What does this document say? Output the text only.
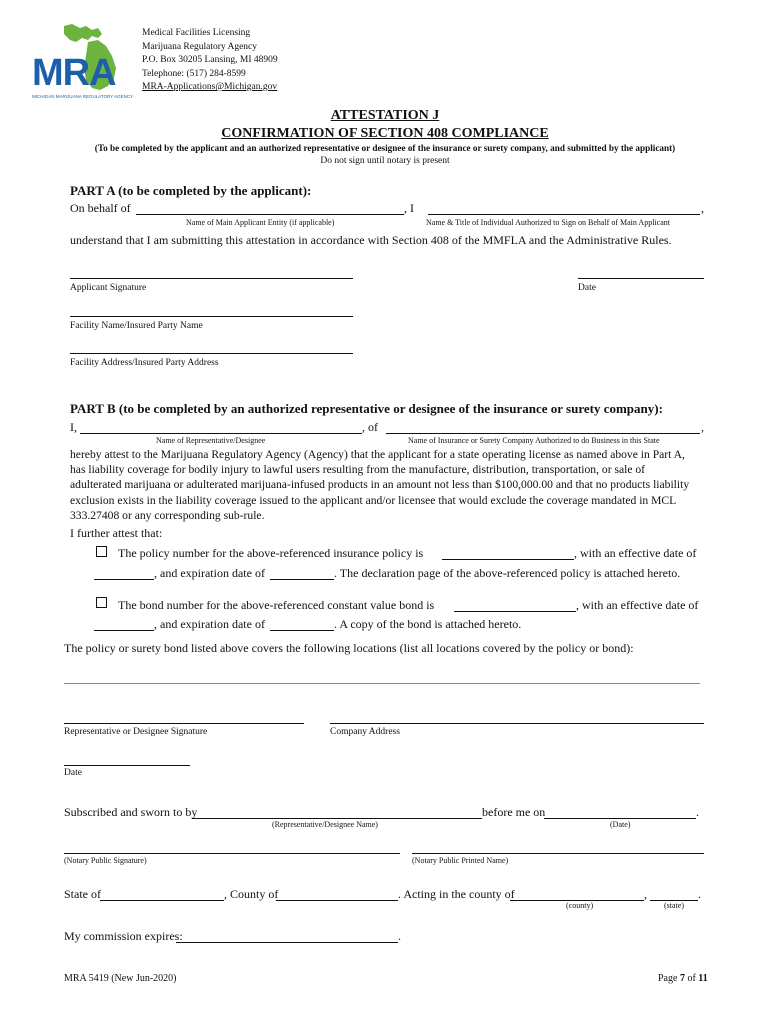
MRA
MICHIGAN MARIJUANA REGULATORY AGENCY
Medical Facilities Licensing
Marijuana Regulatory Agency
P.O. Box 30205 Lansing, MI 48909
Telephone: (517) 284-8599
MRA-Applications@Michigan.gov
ATTESTATION J
CONFIRMATION OF SECTION 408 COMPLIANCE
(To be completed by the applicant and an authorized representative or designee of the insurance or surety company, and submitted by the applicant)
Do not sign until notary is present
PART A (to be completed by the applicant):
On behalf of	, I	,
Name of Main Applicant Entity (if applicable)	Name & Title of Individual Authorized to Sign on Behalf of Main Applicant
understand that I am submitting this attestation in accordance with Section 408 of the MMFLA and the Administrative Rules.
Applicant Signature	Date
Facility Name/Insured Party Name
Facility Address/Insured Party Address
PART B (to be completed by an authorized representative or designee of the insurance or surety company):
I,	, of	,
Name of Representative/Designee	Name of Insurance or Surety Company Authorized to do Business in this State
hereby attest to the Marijuana Regulatory Agency (Agency) that the applicant for a state operating license as named above in Part A,
has liability coverage for bodily injury to lawful users resulting from the manufacture, distribution, transportation, or sale of
adulterated marijuana or adulterated marijuana-infused products in an amount not less than $100,000.00 and that no products liability
exclusion exists in the liability coverage issued to the applicant and/or licensee that would exclude the coverage mandated in MCL
333.27408 or any corresponding sub-rule.
I further attest that:
The policy number for the above-referenced insurance policy is	, with an effective date of
, and expiration date of	. The declaration page of the above-referenced policy is attached hereto.
The bond number for the above-referenced constant value bond is	, with an effective date of
, and expiration date of	. A copy of the bond is attached hereto.
The policy or surety bond listed above covers the following locations (list all locations covered by the policy or bond):
Representative or Designee Signature	Company Address
Date
Subscribed and sworn to by	before me on	.
(Representative/Designee Name)	(Date)
(Notary Public Signature)	(Notary Public Printed Name)
State of	, County of	. Acting in the county of	,	.
(county)	(state)
My commission expires:	.
MRA 5419 (New Jun-2020)	Page 7 of 11
